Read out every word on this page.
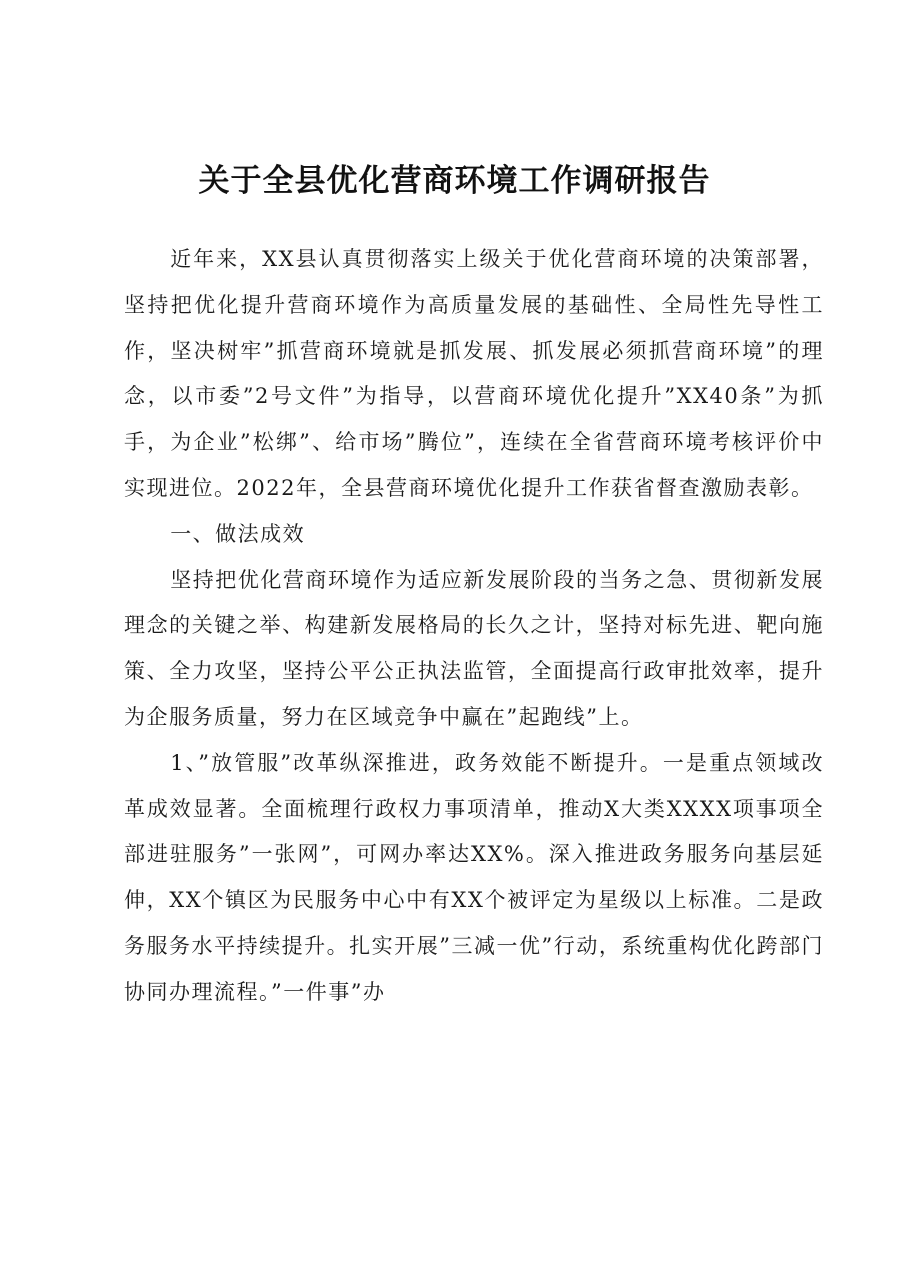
关于全县优化营商环境工作调研报告

近年来，XX县认真贯彻落实上级关于优化营商环境的决策部署，坚持把优化提升营商环境作为高质量发展的基础性、全局性先导性工作，坚决树牢”抓营商环境就是抓发展、抓发展必须抓营商环境”的理念，以市委”2号文件”为指导，以营商环境优化提升”XX40条”为抓手，为企业”松绑”、给市场”腾位”，连续在全省营商环境考核评价中实现进位。2022年，全县营商环境优化提升工作获省督查激励表彰。

一、做法成效

坚持把优化营商环境作为适应新发展阶段的当务之急、贯彻新发展理念的关键之举、构建新发展格局的长久之计，坚持对标先进、靶向施策、全力攻坚，坚持公平公正执法监管，全面提高行政审批效率，提升为企服务质量，努力在区域竞争中赢在”起跑线”上。

1、”放管服”改革纵深推进，政务效能不断提升。一是重点领域改革成效显著。全面梳理行政权力事项清单，推动X大类XXXX项事项全部进驻服务”一张网”，可网办率达XX%。深入推进政务服务向基层延伸，XX个镇区为民服务中心中有XX个被评定为星级以上标准。二是政务服务水平持续提升。扎实开展”三减一优”行动，系统重构优化跨部门协同办理流程。”一件事”办
